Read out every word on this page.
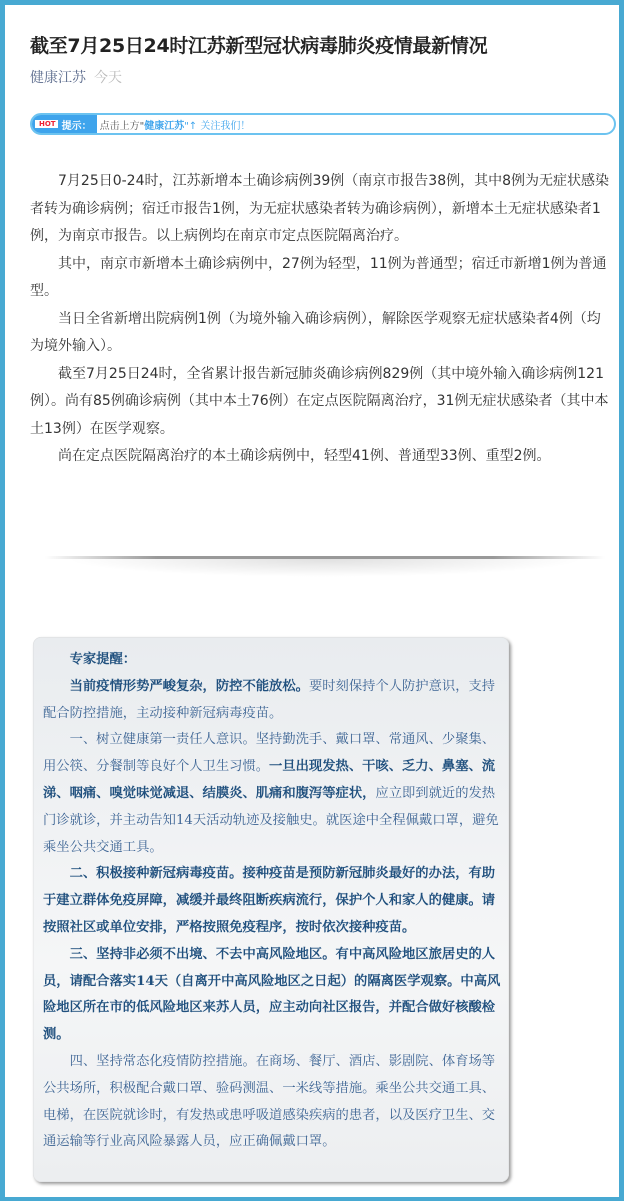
截至7月25日24时江苏新型冠状病毒肺炎疫情最新情况
健康江苏 今天
HOT 提示： 点击上方" 健康江苏 "↑ 关注我们！

7月25日0-24时，江苏新增本土确诊病例39例（南京市报告38例，其中8例为无症状感染者转为确诊病例；宿迁市报告1例，为无症状感染者转为确诊病例），新增本土无症状感染者1例，为南京市报告。以上病例均在南京市定点医院隔离治疗。

其中，南京市新增本土确诊病例中，27例为轻型，11例为普通型；宿迁市新增1例为普通型。

当日全省新增出院病例1例（为境外输入确诊病例），解除医学观察无症状感染者4例（均为境外输入）。

截至7月25日24时，全省累计报告新冠肺炎确诊病例829例（其中境外输入确诊病例121例）。尚有85例确诊病例（其中本土76例）在定点医院隔离治疗，31例无症状感染者（其中本土13例）在医学观察。

尚在定点医院隔离治疗的本土确诊病例中，轻型41例、普通型33例、重型2例。

专家提醒：

当前疫情形势严峻复杂，防控不能放松。要时刻保持个人防护意识，支持配合防控措施，主动接种新冠病毒疫苗。

一、树立健康第一责任人意识。坚持勤洗手、戴口罩、常通风、少聚集、用公筷、分餐制等良好个人卫生习惯。一旦出现发热、干咳、乏力、鼻塞、流涕、咽痛、嗅觉味觉减退、结膜炎、肌痛和腹泻等症状，应立即到就近的发热门诊就诊，并主动告知14天活动轨迹及接触史。就医途中全程佩戴口罩，避免乘坐公共交通工具。

二、积极接种新冠病毒疫苗。接种疫苗是预防新冠肺炎最好的办法，有助于建立群体免疫屏障，减缓并最终阻断疾病流行，保护个人和家人的健康。请按照社区或单位安排，严格按照免疫程序，按时依次接种疫苗。

三、坚持非必须不出境、不去中高风险地区。有中高风险地区旅居史的人员，请配合落实14天（自离开中高风险地区之日起）的隔离医学观察。中高风险地区所在市的低风险地区来苏人员，应主动向社区报告，并配合做好核酸检测。

四、坚持常态化疫情防控措施。在商场、餐厅、酒店、影剧院、体育场等公共场所，积极配合戴口罩、验码测温、一米线等措施。乘坐公共交通工具、电梯，在医院就诊时，有发热或患呼吸道感染疾病的患者，以及医疗卫生、交通运输等行业高风险暴露人员，应正确佩戴口罩。
